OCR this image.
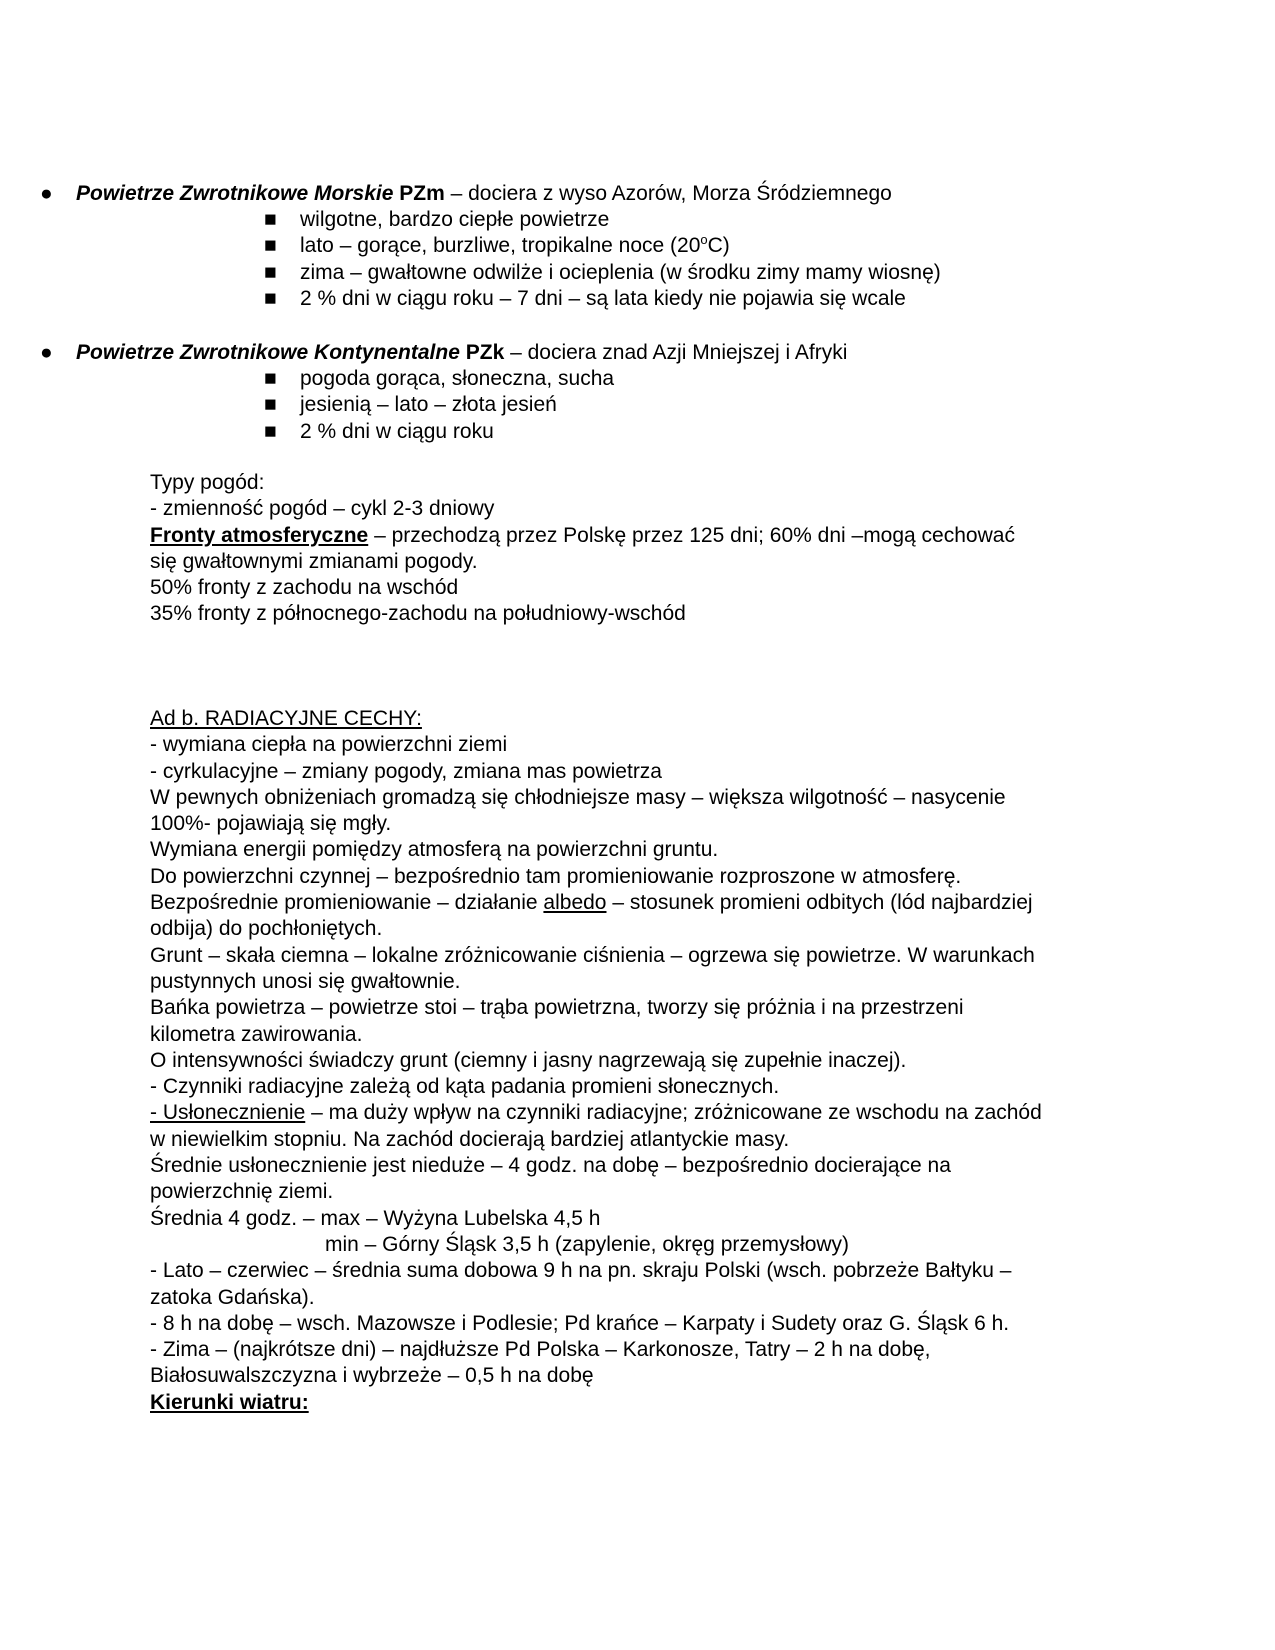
●	Powietrze Zwrotnikowe Morskie PZm – dociera z wyso Azorów, Morza Śródziemnego
■ wilgotne, bardzo ciepłe powietrze
■ lato – gorące, burzliwe, tropikalne noce (20$^o$C)
■ zima – gwałtowne odwilże i ocieplenia (w środku zimy mamy wiosnę)
■ 2 % dni w ciągu roku – 7 dni – są lata kiedy nie pojawia się wcale
●	Powietrze Zwrotnikowe Kontynentalne PZk – dociera znad Azji Mniejszej i Afryki
■ pogoda gorąca, słoneczna, sucha
■ jesienią – lato – złota jesień
■ 2 % dni w ciągu roku

Typy pogód:

- zmienność pogód – cykl 2-3 dniowy

Fronty atmosferyczne – przechodzą przez Polskę przez 125 dni; 60% dni –mogą cechować

się gwałtownymi zmianami pogody.

50% fronty z zachodu na wschód

35% fronty z północnego-zachodu na południowy-wschód

Ad b. RADIACYJNE CECHY:

- wymiana ciepła na powierzchni ziemi

- cyrkulacyjne – zmiany pogody, zmiana mas powietrza

W pewnych obniżeniach gromadzą się chłodniejsze masy – większa wilgotność – nasycenie

100%- pojawiają się mgły.

Wymiana energii pomiędzy atmosferą na powierzchni gruntu.

Do powierzchni czynnej – bezpośrednio tam promieniowanie rozproszone w atmosferę.

Bezpośrednie promieniowanie – działanie albedo – stosunek promieni odbitych (lód najbardziej

odbija) do pochłoniętych.

Grunt – skała ciemna – lokalne zróżnicowanie ciśnienia – ogrzewa się powietrze. W warunkach

pustynnych unosi się gwałtownie.

Bańka powietrza – powietrze stoi – trąba powietrzna, tworzy się próżnia i na przestrzeni

kilometra zawirowania.

O intensywności świadczy grunt (ciemny i jasny nagrzewają się zupełnie inaczej).

- Czynniki radiacyjne zależą od kąta padania promieni słonecznych.

- Usłonecznienie – ma duży wpływ na czynniki radiacyjne; zróżnicowane ze wschodu na zachód

w niewielkim stopniu. Na zachód docierają bardziej atlantyckie masy.

Średnie usłonecznienie jest nieduże – 4 godz. na dobę – bezpośrednio docierające na

powierzchnię ziemi.

Średnia 4 godz. – max – Wyżyna Lubelska 4,5 h

min – Górny Śląsk 3,5 h (zapylenie, okręg przemysłowy)

- Lato – czerwiec – średnia suma dobowa 9 h na pn. skraju Polski (wsch. pobrzeże Bałtyku –

zatoka Gdańska).

- 8 h na dobę – wsch. Mazowsze i Podlesie; Pd krańce – Karpaty i Sudety oraz G. Śląsk 6 h.

- Zima – (najkrótsze dni) – najdłuższe Pd Polska – Karkonosze, Tatry – 2 h na dobę,

Białosuwalszczyzna i wybrzeże – 0,5 h na dobę

Kierunki wiatru:
